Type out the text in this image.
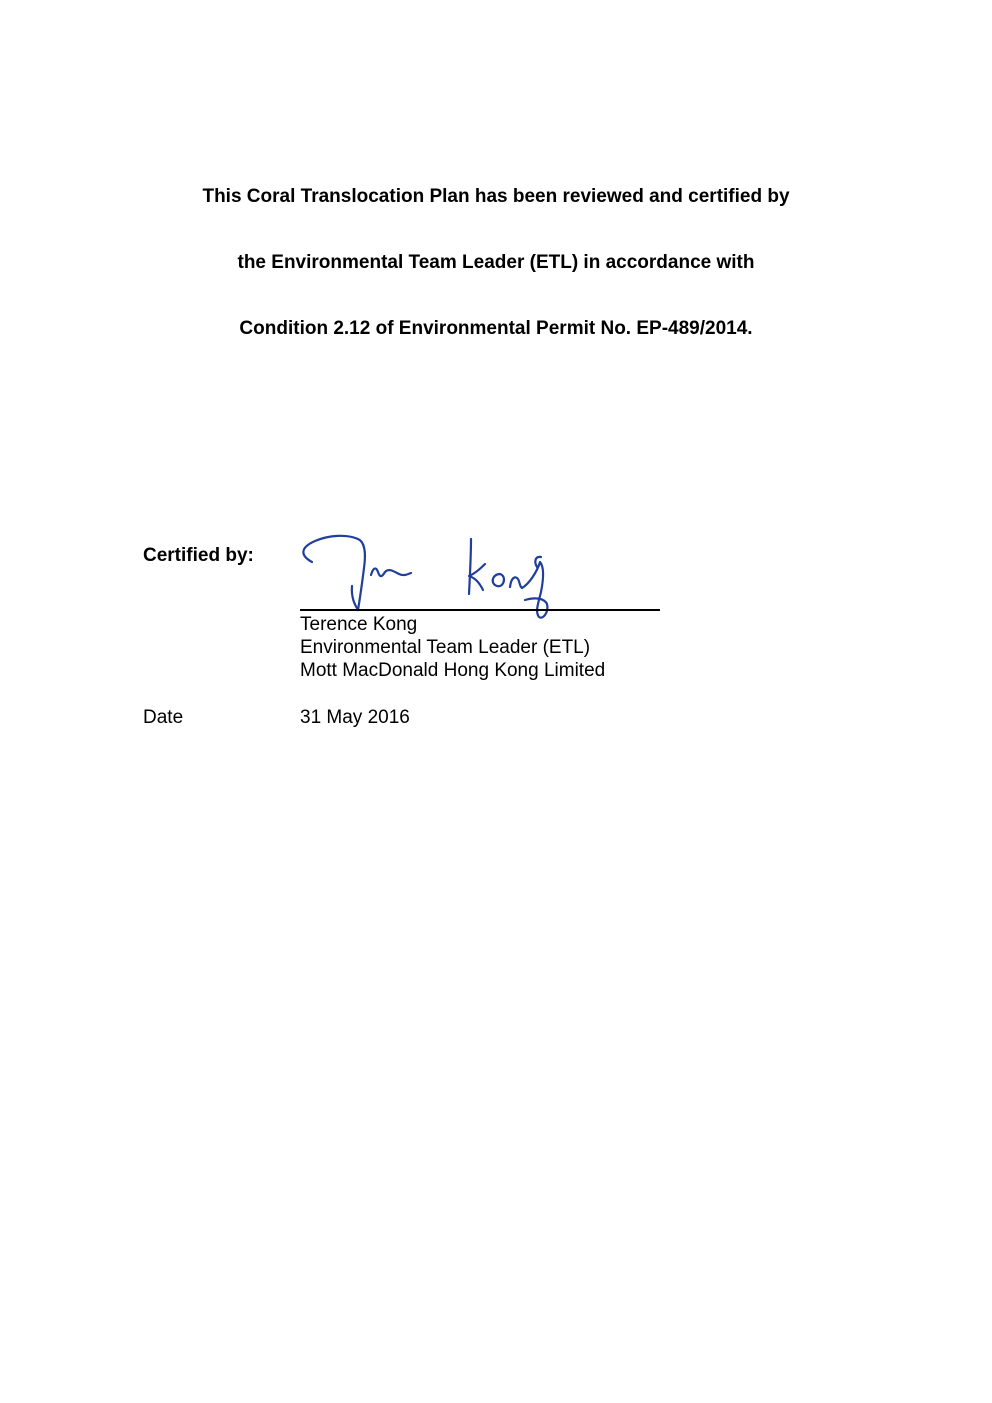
This Coral Translocation Plan has been reviewed and certified by
the Environmental Team Leader (ETL) in accordance with
Condition 2.12 of Environmental Permit No. EP-489/2014.
Certified by:
Terence Kong
Terence Kong
Environmental Team Leader (ETL)
Mott MacDonald Hong Kong Limited
Date	31 May 2016
